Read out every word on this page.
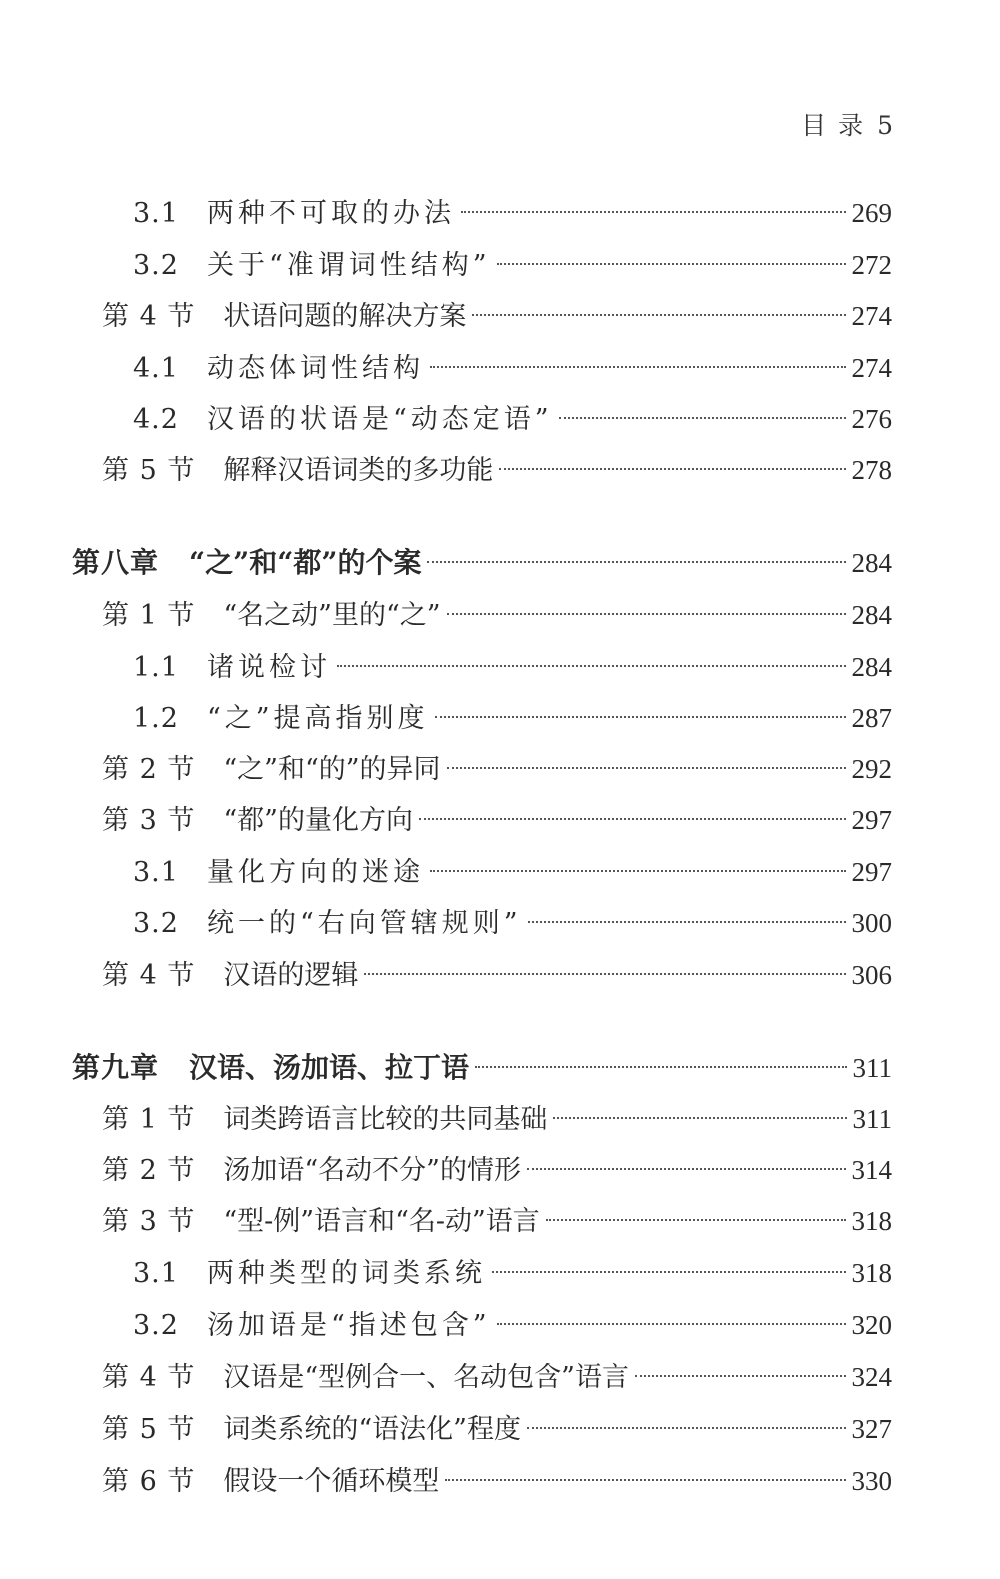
目 录 5
3.1 两种不可取的办法	269
3.2 关于“准谓词性结构”	272
第 4 节 状语问题的解决方案	274
4.1 动态体词性结构	274
4.2 汉语的状语是“动态定语”	276
第 5 节 解释汉语词类的多功能	278
第八章 “之”和“都”的个案	284
第 1 节 “名之动”里的“之”	284
1.1 诸说检讨	284
1.2 “之”提高指别度	287
第 2 节 “之”和“的”的异同	292
第 3 节 “都”的量化方向	297
3.1 量化方向的迷途	297
3.2 统一的“右向管辖规则”	300
第 4 节 汉语的逻辑	306
第九章 汉语、汤加语、拉丁语	311
第 1 节 词类跨语言比较的共同基础	311
第 2 节 汤加语“名动不分”的情形	314
第 3 节 “型-例”语言和“名-动”语言	318
3.1 两种类型的词类系统	318
3.2 汤加语是“指述包含”	320
第 4 节 汉语是“型例合一、名动包含”语言	324
第 5 节 词类系统的“语法化”程度	327
第 6 节 假设一个循环模型	330
